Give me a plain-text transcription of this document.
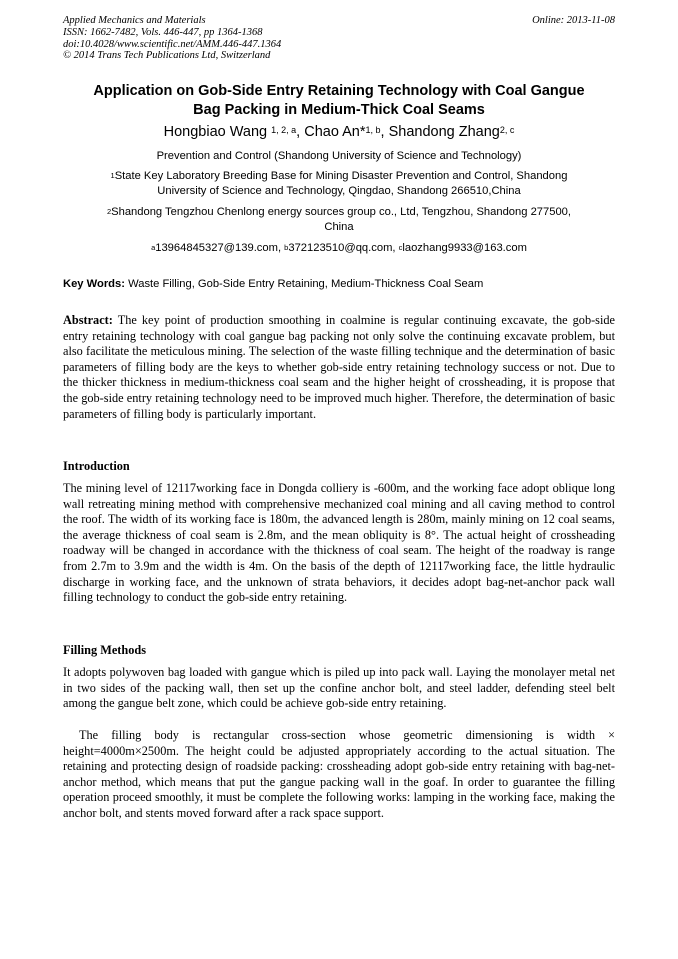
Applied Mechanics and Materials
ISSN: 1662-7482, Vols. 446-447, pp 1364-1368
doi:10.4028/www.scientific.net/AMM.446-447.1364
© 2014 Trans Tech Publications Ltd, Switzerland
Online: 2013-11-08
Application on Gob-Side Entry Retaining Technology with Coal Gangue
Bag Packing in Medium-Thick Coal Seams
Hongbiao Wang $^{1, 2, a}$, Chao An*$^{1, b}$, Shandong Zhang$^{2, c}$
Prevention and Control (Shandong University of Science and Technology)
$^1$State Key Laboratory Breeding Base for Mining Disaster Prevention and Control, Shandong
University of Science and Technology, Qingdao, Shandong 266510,China
$^2$Shandong Tengzhou Chenlong energy sources group co., Ltd, Tengzhou, Shandong 277500,
China
$^a$13964845327@139.com, $^b$372123510@qq.com, $^c$laozhang9933@163.com
Key Words: Waste Filling, Gob-Side Entry Retaining, Medium-Thickness Coal Seam
Abstract: The key point of production smoothing in coalmine is regular continuing excavate, the gob-side entry retaining technology with coal gangue bag packing not only solve the continuing excavate problem, but also facilitate the meticulous mining. The selection of the waste filling technique and the determination of basic parameters of filling body are the keys to whether gob-side entry retaining technology success or not. Due to the thicker thickness in medium-thickness coal seam and the higher height of crossheading, it is propose that the gob-side entry retaining technology need to be improved much higher. Therefore, the determination of basic parameters of filling body is particularly important.
Introduction
The mining level of 12117working face in Dongda colliery is -600m, and the working face adopt oblique long wall retreating mining method with comprehensive mechanized coal mining and all caving method to control the roof. The width of its working face is 180m, the advanced length is 280m, mainly mining on 12 coal seams, the average thickness of coal seam is 2.8m, and the mean obliquity is 8°. The actual height of crossheading roadway will be changed in accordance with the thickness of coal seam. The height of the roadway is range from 2.7m to 3.9m and the width is 4m. On the basis of the depth of 12117working face, the little hydraulic discharge in working face, and the unknown of strata behaviors, it decides adopt bag-net-anchor pack wall filling technology to conduct the gob-side entry retaining.
Filling Methods
It adopts polywoven bag loaded with gangue which is piled up into pack wall. Laying the monolayer metal net in two sides of the packing wall, then set up the confine anchor bolt, and steel ladder, defending steel belt among the gangue belt zone, which could be achieve gob-side entry retaining.
The filling body is rectangular cross-section whose geometric dimensioning is width × height=4000m×2500m. The height could be adjusted appropriately according to the actual situation. The retaining and protecting design of roadside packing: crossheading adopt gob-side entry retaining with bag-net-anchor method, which means that put the gangue packing wall in the goaf. In order to guarantee the filling operation proceed smoothly, it must be complete the following works: lamping in the working face, making the anchor bolt, and stents moved forward after a rack space support.
